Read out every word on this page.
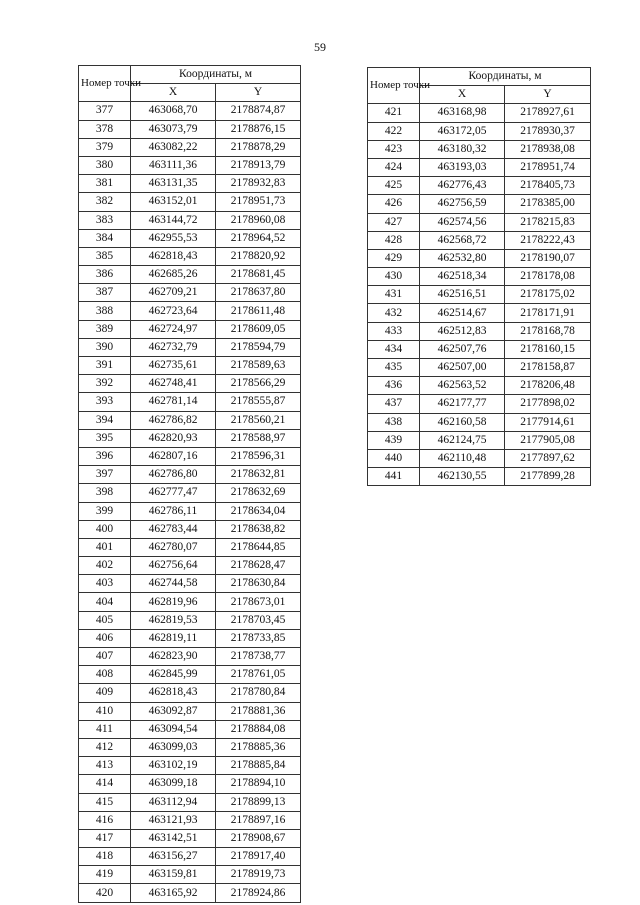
59
Номер точки	Координаты, м	
	X	Y
377	463068,70	2178874,87
378	463073,79	2178876,15
379	463082,22	2178878,29
380	463111,36	2178913,79
381	463131,35	2178932,83
382	463152,01	2178951,73
383	463144,72	2178960,08
384	462955,53	2178964,52
385	462818,43	2178820,92
386	462685,26	2178681,45
387	462709,21	2178637,80
388	462723,64	2178611,48
389	462724,97	2178609,05
390	462732,79	2178594,79
391	462735,61	2178589,63
392	462748,41	2178566,29
393	462781,14	2178555,87
394	462786,82	2178560,21
395	462820,93	2178588,97
396	462807,16	2178596,31
397	462786,80	2178632,81
398	462777,47	2178632,69
399	462786,11	2178634,04
400	462783,44	2178638,82
401	462780,07	2178644,85
402	462756,64	2178628,47
403	462744,58	2178630,84
404	462819,96	2178673,01
405	462819,53	2178703,45
406	462819,11	2178733,85
407	462823,90	2178738,77
408	462845,99	2178761,05
409	462818,43	2178780,84
410	463092,87	2178881,36
411	463094,54	2178884,08
412	463099,03	2178885,36
413	463102,19	2178885,84
414	463099,18	2178894,10
415	463112,94	2178899,13
416	463121,93	2178897,16
417	463142,51	2178908,67
418	463156,27	2178917,40
419	463159,81	2178919,73
420	463165,92	2178924,86
Номер точки	Координаты, м	
	X	Y
421	463168,98	2178927,61
422	463172,05	2178930,37
423	463180,32	2178938,08
424	463193,03	2178951,74
425	462776,43	2178405,73
426	462756,59	2178385,00
427	462574,56	2178215,83
428	462568,72	2178222,43
429	462532,80	2178190,07
430	462518,34	2178178,08
431	462516,51	2178175,02
432	462514,67	2178171,91
433	462512,83	2178168,78
434	462507,76	2178160,15
435	462507,00	2178158,87
436	462563,52	2178206,48
437	462177,77	2177898,02
438	462160,58	2177914,61
439	462124,75	2177905,08
440	462110,48	2177897,62
441	462130,55	2177899,28
